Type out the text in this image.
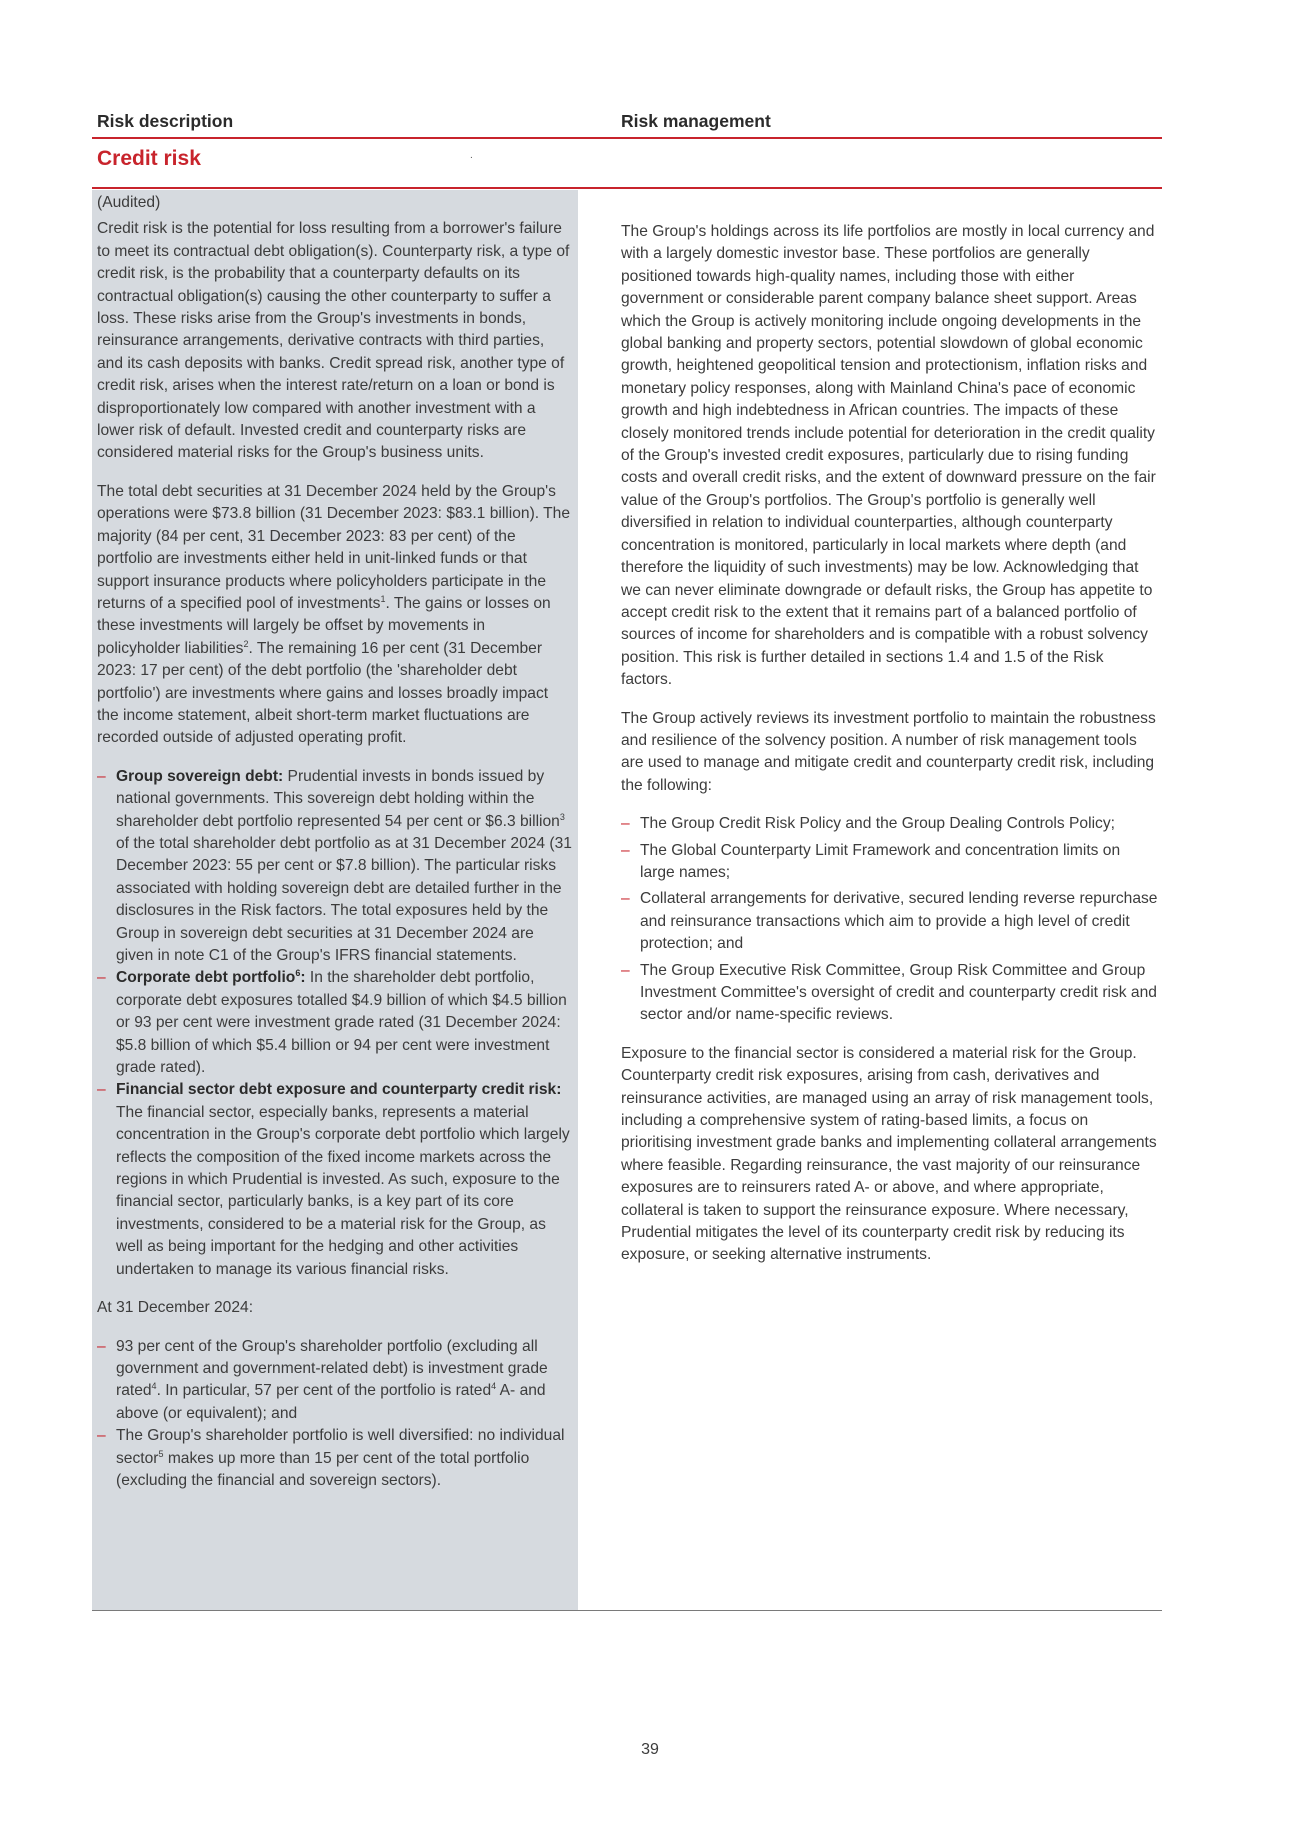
Risk description	Risk management
Credit risk	.

(Audited)

Credit risk is the potential for loss resulting from a borrower's failure to meet its contractual debt obligation(s). Counterparty risk, a type of credit risk, is the probability that a counterparty defaults on its contractual obligation(s) causing the other counterparty to suffer a loss. These risks arise from the Group's investments in bonds, reinsurance arrangements, derivative contracts with third parties, and its cash deposits with banks. Credit spread risk, another type of credit risk, arises when the interest rate/return on a loan or bond is disproportionately low compared with another investment with a lower risk of default. Invested credit and counterparty risks are considered material risks for the Group's business units.

The total debt securities at 31 December 2024 held by the Group's operations were $73.8 billion (31 December 2023: $83.1 billion). The majority (84 per cent, 31 December 2023: 83 per cent) of the portfolio are investments either held in unit-linked funds or that support insurance products where policyholders participate in the returns of a specified pool of investments$^1$. The gains or losses on these investments will largely be offset by movements in policyholder liabilities$^2$. The remaining 16 per cent (31 December 2023: 17 per cent) of the debt portfolio (the 'shareholder debt portfolio') are investments where gains and losses broadly impact the income statement, albeit short-term market fluctuations are recorded outside of adjusted operating profit.

– Group sovereign debt: Prudential invests in bonds issued by national governments. This sovereign debt holding within the shareholder debt portfolio represented 54 per cent or $6.3 billion$^3$ of the total shareholder debt portfolio as at 31 December 2024 (31 December 2023: 55 per cent or $7.8 billion). The particular risks associated with holding sovereign debt are detailed further in the disclosures in the Risk factors. The total exposures held by the Group in sovereign debt securities at 31 December 2024 are given in note C1 of the Group's IFRS financial statements.
– Corporate debt portfolio$^6$: In the shareholder debt portfolio, corporate debt exposures totalled $4.9 billion of which $4.5 billion or 93 per cent were investment grade rated (31 December 2024: $5.8 billion of which $5.4 billion or 94 per cent were investment grade rated).
– Financial sector debt exposure and counterparty credit risk: The financial sector, especially banks, represents a material concentration in the Group's corporate debt portfolio which largely reflects the composition of the fixed income markets across the regions in which Prudential is invested. As such, exposure to the financial sector, particularly banks, is a key part of its core investments, considered to be a material risk for the Group, as well as being important for the hedging and other activities undertaken to manage its various financial risks.

At 31 December 2024:

– 93 per cent of the Group's shareholder portfolio (excluding all government and government-related debt) is investment grade rated$^4$. In particular, 57 per cent of the portfolio is rated$^4$ A- and above (or equivalent); and
– The Group's shareholder portfolio is well diversified: no individual sector$^5$ makes up more than 15 per cent of the total portfolio (excluding the financial and sovereign sectors).

The Group's holdings across its life portfolios are mostly in local currency and with a largely domestic investor base. These portfolios are generally positioned towards high-quality names, including those with either government or considerable parent company balance sheet support. Areas which the Group is actively monitoring include ongoing developments in the global banking and property sectors, potential slowdown of global economic growth, heightened geopolitical tension and protectionism, inflation risks and monetary policy responses, along with Mainland China's pace of economic growth and high indebtedness in African countries. The impacts of these closely monitored trends include potential for deterioration in the credit quality of the Group's invested credit exposures, particularly due to rising funding costs and overall credit risks, and the extent of downward pressure on the fair value of the Group's portfolios. The Group's portfolio is generally well diversified in relation to individual counterparties, although counterparty concentration is monitored, particularly in local markets where depth (and therefore the liquidity of such investments) may be low. Acknowledging that we can never eliminate downgrade or default risks, the Group has appetite to accept credit risk to the extent that it remains part of a balanced portfolio of sources of income for shareholders and is compatible with a robust solvency position. This risk is further detailed in sections 1.4 and 1.5 of the Risk factors.

The Group actively reviews its investment portfolio to maintain the robustness and resilience of the solvency position. A number of risk management tools are used to manage and mitigate credit and counterparty credit risk, including the following:

– The Group Credit Risk Policy and the Group Dealing Controls Policy;
– The Global Counterparty Limit Framework and concentration limits on large names;
– Collateral arrangements for derivative, secured lending reverse repurchase and reinsurance transactions which aim to provide a high level of credit protection; and
– The Group Executive Risk Committee, Group Risk Committee and Group Investment Committee's oversight of credit and counterparty credit risk and sector and/or name-specific reviews.

Exposure to the financial sector is considered a material risk for the Group. Counterparty credit risk exposures, arising from cash, derivatives and reinsurance activities, are managed using an array of risk management tools, including a comprehensive system of rating-based limits, a focus on prioritising investment grade banks and implementing collateral arrangements where feasible. Regarding reinsurance, the vast majority of our reinsurance exposures are to reinsurers rated A- or above, and where appropriate, collateral is taken to support the reinsurance exposure. Where necessary, Prudential mitigates the level of its counterparty credit risk by reducing its exposure, or seeking alternative instruments.

39
